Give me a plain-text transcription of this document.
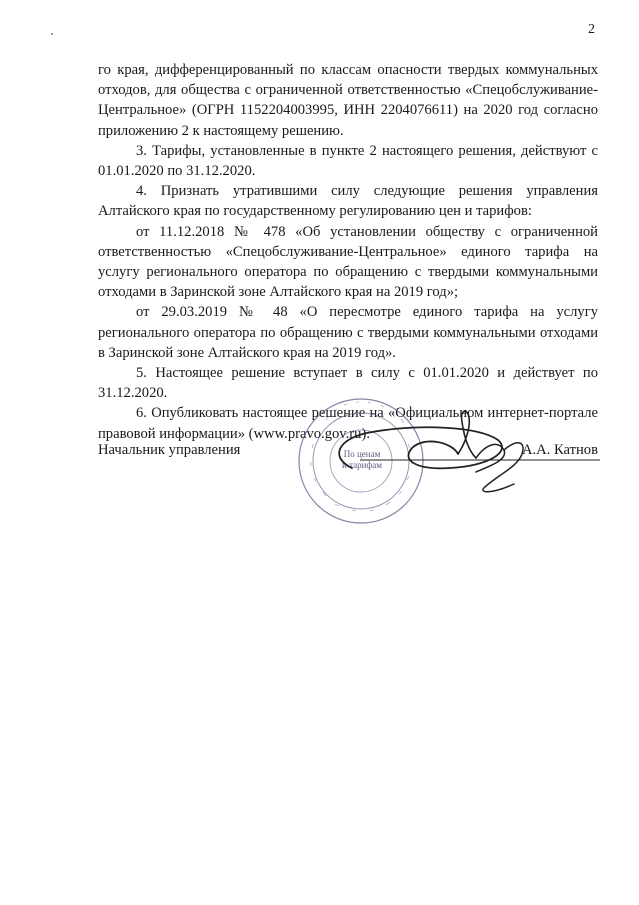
2

го края, дифференцированный по классам опасности твердых коммунальных отходов, для общества с ограниченной ответственностью «Спецобслуживание-Центральное» (ОГРН 1152204003995, ИНН 2204076611) на 2020 год согласно приложению 2 к настоящему решению.

3. Тарифы, установленные в пункте 2 настоящего решения, действуют с 01.01.2020 по 31.12.2020.

4. Признать утратившими силу следующие решения управления Алтайского края по государственному регулированию цен и тарифов:

от 11.12.2018 № 478 «Об установлении обществу с ограниченной ответственностью «Спецобслуживание-Центральное» единого тарифа на услугу регионального оператора по обращению с твердыми коммунальными отходами в Заринской зоне Алтайского края на 2019 год»;

от 29.03.2019 № 48 «О пересмотре единого тарифа на услугу регионального оператора по обращению с твердыми коммунальными отходами в Заринской зоне Алтайского края на 2019 год».

5. Настоящее решение вступает в силу с 01.01.2020 и действует по 31.12.2020.

6. Опубликовать настоящее решение на «Официальном интернет-портале правовой информации» (www.pravo.gov.ru).

По ценам
и тарифам
Начальник управления	А.А. Катнов
